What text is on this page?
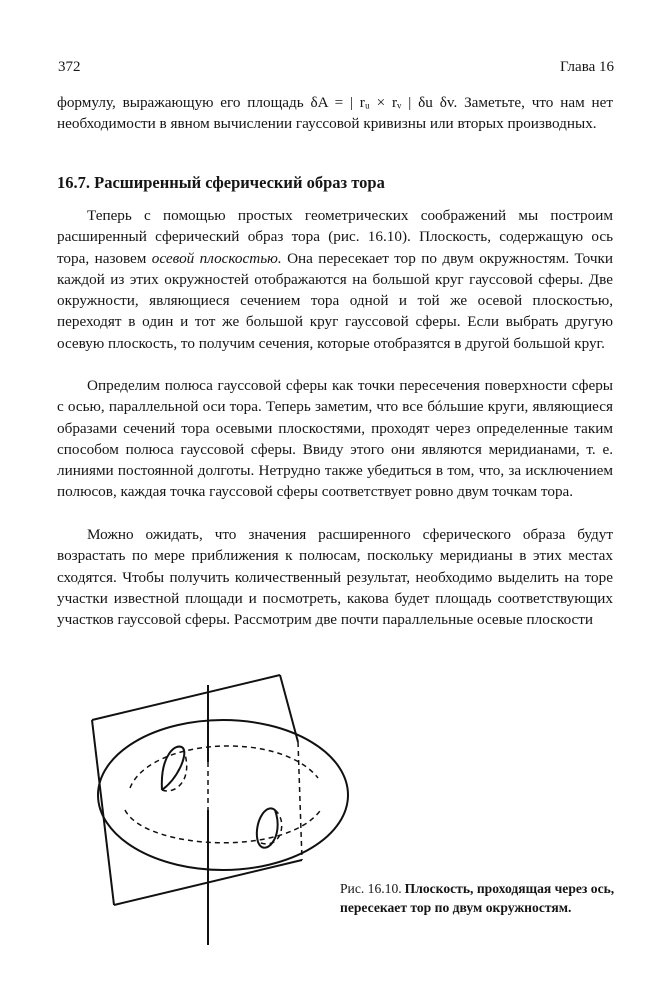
372	Глава 16

формулу, выражающую его площадь δA = | rᵤ × rᵥ | δu δv. Заметьте, что нам нет необходимости в явном вычислении гауссовой кривизны или вторых производных.

16.7. Расширенный сферический образ тора

Теперь с помощью простых геометрических соображений мы построим расширенный сферический образ тора (рис. 16.10). Плоскость, содержащую ось тора, назовем осевой плоскостью. Она пересекает тор по двум окружностям. Точки каждой из этих окружностей отображаются на большой круг гауссовой сферы. Две окружности, являющиеся сечением тора одной и той же осевой плоскостью, переходят в один и тот же большой круг гауссовой сферы. Если выбрать другую осевую плоскость, то получим сечения, которые отобразятся в другой большой круг.

Определим полюса гауссовой сферы как точки пересечения поверхности сферы с осью, параллельной оси тора. Теперь заметим, что все бóльшие круги, являющиеся образами сечений тора осевыми плоскостями, проходят через определенные таким способом полюса гауссовой сферы. Ввиду этого они являются меридианами, т. е. линиями постоянной долготы. Нетрудно также убедиться в том, что, за исключением полюсов, каждая точка гауссовой сферы соответствует ровно двум точкам тора.

Можно ожидать, что значения расширенного сферического образа будут возрастать по мере приближения к полюсам, поскольку меридианы в этих местах сходятся. Чтобы получить количественный результат, необходимо выделить на торе участки известной площади и посмотреть, какова будет площадь соответствующих участков гауссовой сферы. Рассмотрим две почти параллельные осевые плоскости

Рис. 16.10. Плоскость, проходящая через ось, пересекает тор по двум окружностям.
